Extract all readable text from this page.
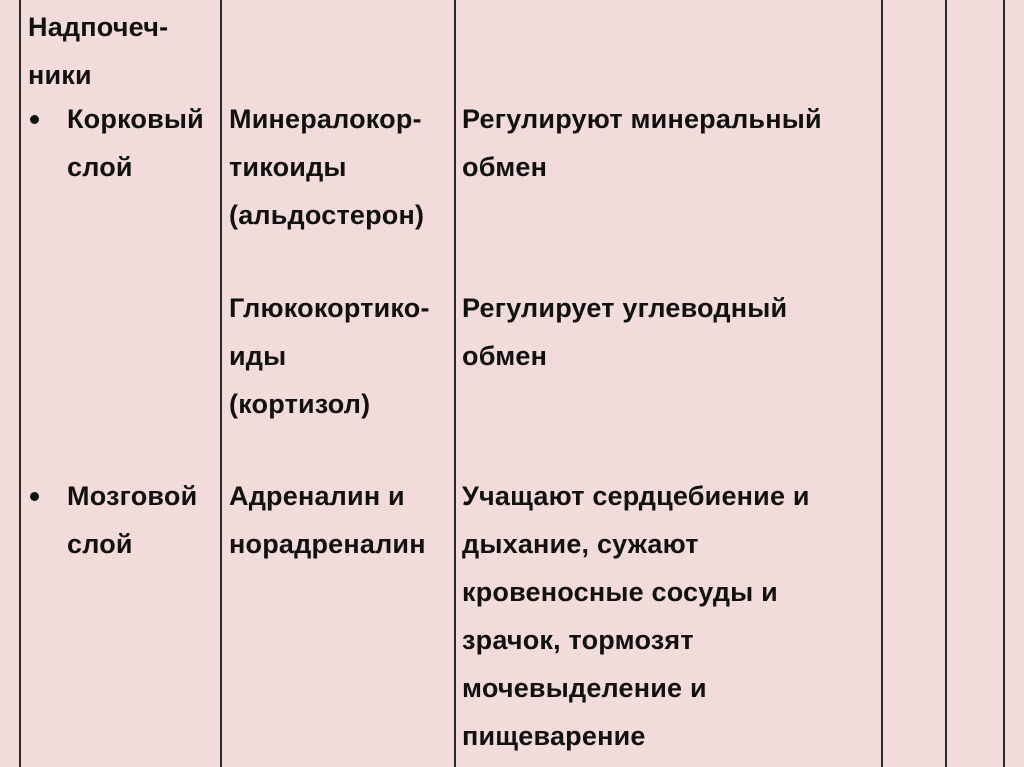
Надпочеч-
ники
Корковый
слой
Минералокор-
тикоиды
(альдостерон)
Регулируют минеральный
обмен
Глюкокортико-
иды
(кортизол)
Регулирует углеводный
обмен
Мозговой
слой
Адреналин и
норадреналин
Учащают сердцебиение и
дыхание, сужают
кровеносные сосуды и
зрачок, тормозят
мочевыделение и
пищеварение
